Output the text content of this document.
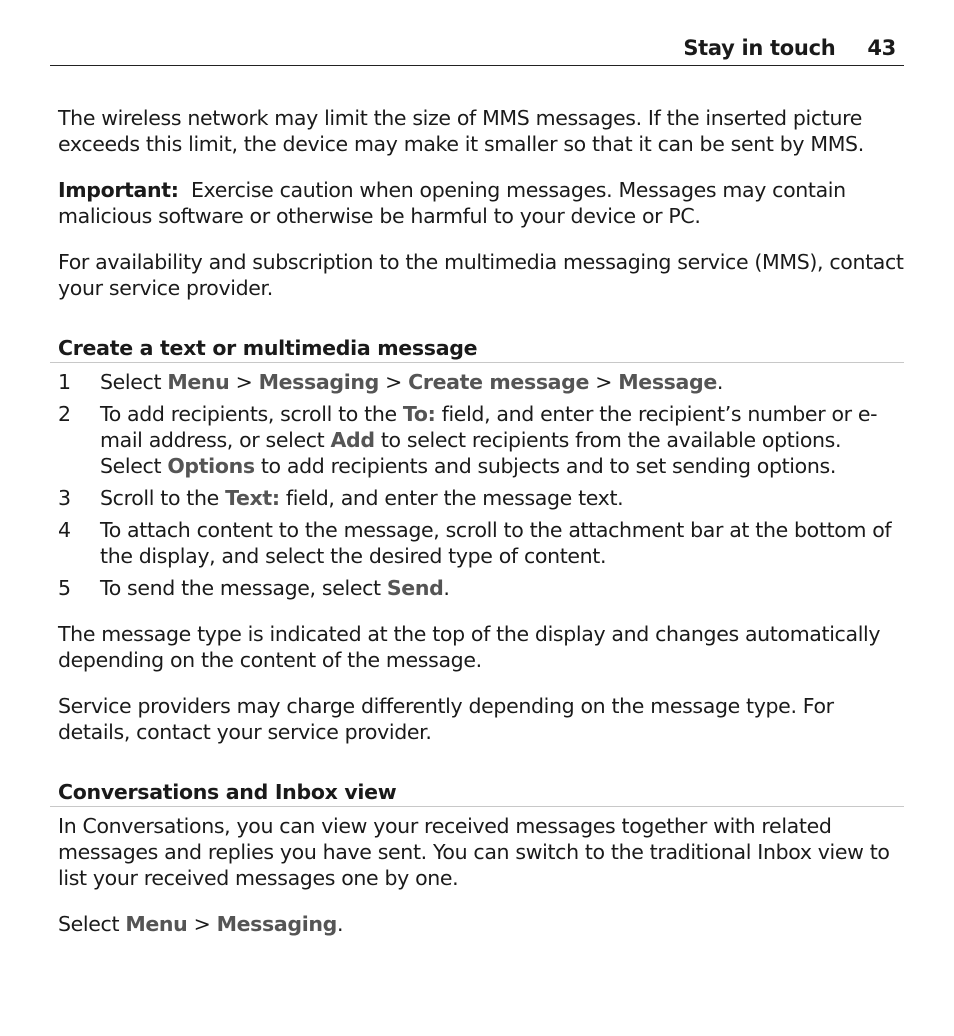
Stay in touch 43

The wireless network may limit the size of MMS messages. If the inserted picture exceeds this limit, the device may make it smaller so that it can be sent by MMS.

Important: Exercise caution when opening messages. Messages may contain malicious software or otherwise be harmful to your device or PC.

For availability and subscription to the multimedia messaging service (MMS), contact your service provider.

Create a text or multimedia message
1 Select Menu > Messaging > Create message > Message.
2 To add recipients, scroll to the To: field, and enter the recipient’s number or e-mail address, or select Add to select recipients from the available options. Select Options to add recipients and subjects and to set sending options.
3 Scroll to the Text: field, and enter the message text.
4 To attach content to the message, scroll to the attachment bar at the bottom of the display, and select the desired type of content.
5 To send the message, select Send.

The message type is indicated at the top of the display and changes automatically depending on the content of the message.

Service providers may charge differently depending on the message type. For details, contact your service provider.

Conversations and Inbox view

In Conversations, you can view your received messages together with related messages and replies you have sent. You can switch to the traditional Inbox view to list your received messages one by one.

Select Menu > Messaging.
